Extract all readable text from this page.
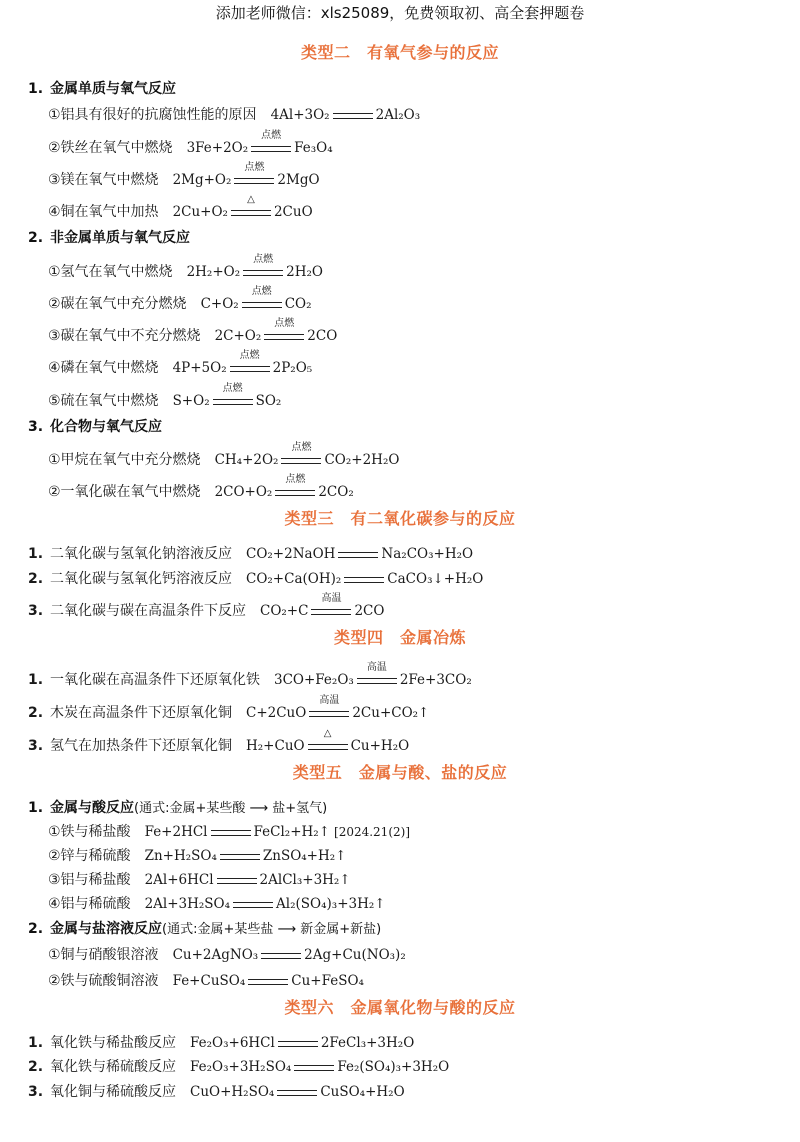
添加老师微信：xls25089，免费领取初、高全套押题卷
类型二　有氧气参与的反应
1. 金属单质与氧气反应
①铝具有很好的抗腐蚀性能的原因 4Al+3O₂	2Al₂O₃
②铁丝在氧气中燃烧 3Fe+2O₂
点燃
Fe₃O₄
③镁在氧气中燃烧 2Mg+O₂
点燃
2MgO
④铜在氧气中加热 2Cu+O₂
△
2CuO
2. 非金属单质与氧气反应
①氢气在氧气中燃烧 2H₂+O₂
点燃
2H₂O
②碳在氧气中充分燃烧 C+O₂
点燃
CO₂
③碳在氧气中不充分燃烧 2C+O₂
点燃
2CO
④磷在氧气中燃烧 4P+5O₂
点燃
2P₂O₅
⑤硫在氧气中燃烧 S+O₂
点燃
SO₂
3. 化合物与氧气反应
①甲烷在氧气中充分燃烧 CH₄+2O₂
点燃
CO₂+2H₂O
②一氧化碳在氧气中燃烧 2CO+O₂
点燃
2CO₂
类型三　有二氧化碳参与的反应
1. 二氧化碳与氢氧化钠溶液反应 CO₂+2NaOH	Na₂CO₃+H₂O
2. 二氧化碳与氢氧化钙溶液反应 CO₂+Ca(OH)₂	CaCO₃↓+H₂O
3. 二氧化碳与碳在高温条件下反应 CO₂+C
高温
2CO
类型四　金属冶炼
1. 一氧化碳在高温条件下还原氧化铁 3CO+Fe₂O₃
高温
2Fe+3CO₂
2. 木炭在高温条件下还原氧化铜 C+2CuO
高温
2Cu+CO₂↑
3. 氢气在加热条件下还原氧化铜 H₂+CuO
△
Cu+H₂O
类型五　金属与酸、盐的反应
1. 金属与酸反应(通式:金属+某些酸 ⟶ 盐+氢气)
①铁与稀盐酸 Fe+2HCl	FeCl₂+H₂↑ [2024.21(2)]
②锌与稀硫酸 Zn+H₂SO₄	ZnSO₄+H₂↑
③铝与稀盐酸 2Al+6HCl	2AlCl₃+3H₂↑
④铝与稀硫酸 2Al+3H₂SO₄	Al₂(SO₄)₃+3H₂↑
2. 金属与盐溶液反应(通式:金属+某些盐 ⟶ 新金属+新盐)
①铜与硝酸银溶液 Cu+2AgNO₃	2Ag+Cu(NO₃)₂
②铁与硫酸铜溶液 Fe+CuSO₄	Cu+FeSO₄
类型六　金属氧化物与酸的反应
1. 氧化铁与稀盐酸反应 Fe₂O₃+6HCl	2FeCl₃+3H₂O
2. 氧化铁与稀硫酸反应 Fe₂O₃+3H₂SO₄	Fe₂(SO₄)₃+3H₂O
3. 氧化铜与稀硫酸反应 CuO+H₂SO₄	CuSO₄+H₂O
